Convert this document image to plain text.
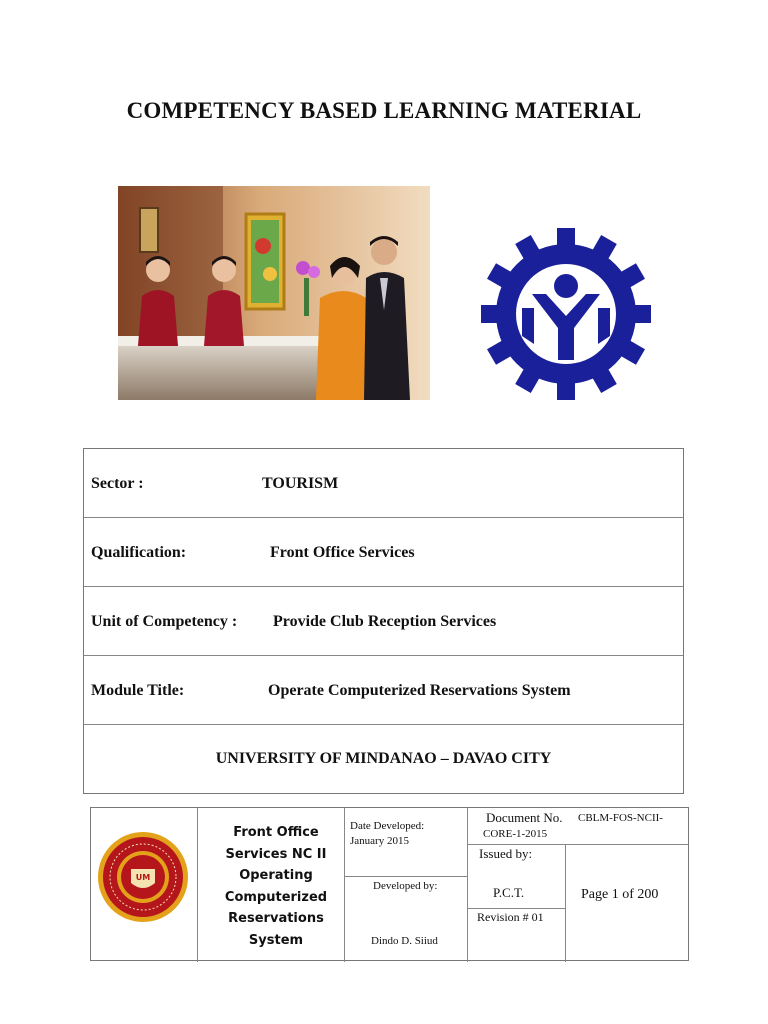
COMPETENCY BASED LEARNING MATERIAL
Sector :	TOURISM
Qualification:	Front Office Services
Unit of Competency : Provide Club Reception Services
Module Title:	Operate Computerized Reservations System
UNIVERSITY OF MINDANAO – DAVAO CITY
UM
Front Office
Services NC II
Operating
Computerized
Reservations
System
Date Developed:
January 2015
Developed by:
Dindo D. Siiud
Document No. CBLM-FOS-NCII-
CORE-1-2015
Issued by:
P.C.T.
Revision # 01
Page 1 of 200
